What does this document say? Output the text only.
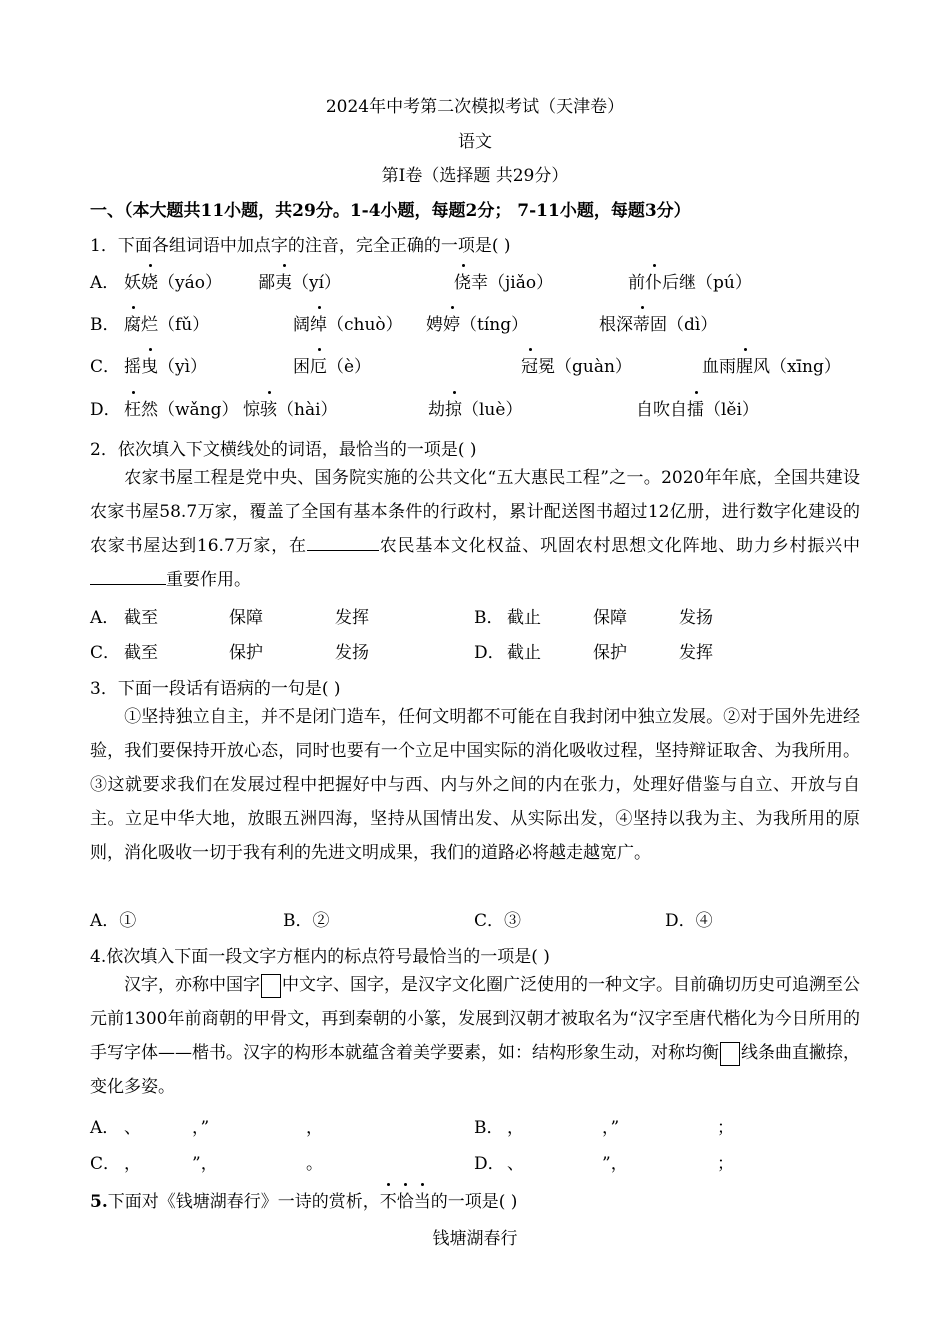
2024年中考第二次模拟考试（天津卷）
语文
第Ⅰ卷（选择题 共29分）
一、（本大题共11小题，共29分。1-4小题，每题2分； 7-11小题，每题3分）
1．下面各组词语中加点字的注音，完全正确的一项是( )
A． 妖娆（yáo） 鄙夷（yí）	侥幸（jiǎo）	前仆后继（pú）
B． 腐烂（fǔ）	阔绰（chuò） 娉婷（tíng）	根深蒂固（dì）
C． 摇曳（yì）	困厄（è）	冠冕（guàn）	血雨腥风（xīng）
D． 枉然（wǎng） 惊骇（hài）	劫掠（luè）	自吹自擂（lěi）
2．依次填入下文横线处的词语，最恰当的一项是( )
农家书屋工程是党中央、国务院实施的公共文化“五大惠民工程”之一。2020年年底，全国共建设农家书屋58.7万家，覆盖了全国有基本条件的行政村，累计配送图书超过12亿册，进行数字化建设的农家书屋达到16.7万家，在	农民基本文化权益、巩固农村思想文化阵地、助力乡村振兴中重要作用。
A． 截至	保障	发挥	B． 截止	保障	发扬
C． 截至	保护	发扬	D． 截止	保护	发挥
3．下面一段话有语病的一句是( )
①坚持独立自主，并不是闭门造车，任何文明都不可能在自我封闭中独立发展。②对于国外先进经验，我们要保持开放心态，同时也要有一个立足中国实际的消化吸收过程，坚持辩证取舍、为我所用。③这就要求我们在发展过程中把握好中与西、内与外之间的内在张力，处理好借鉴与自立、开放与自主。立足中华大地，放眼五洲四海，坚持从国情出发、从实际出发，④坚持以我为主、为我所用的原则，消化吸收一切于我有利的先进文明成果，我们的道路必将越走越宽广。
A．①	B．②	C．③	D．④
4.依次填入下面一段文字方框内的标点符号最恰当的一项是( )
汉字，亦称中国字 中文字、国字，是汉字文化圈广泛使用的一种文字。目前确切历史可追溯至公元前1300年前商朝的甲骨文，再到秦朝的小篆，发展到汉朝才被取名为“汉字至唐代楷化为今日所用的手写字体——楷书。汉字的构形本就蕴含着美学要素，如：结构形象生动，对称均衡 线条曲直撇捺，变化多姿。
A． 、	，”	，	B． ，	，”	；
C． ，	”，	。	D． 、	”，	；
5.下面对《钱塘湖春行》一诗的赏析，不恰当的一项是( )
钱塘湖春行
